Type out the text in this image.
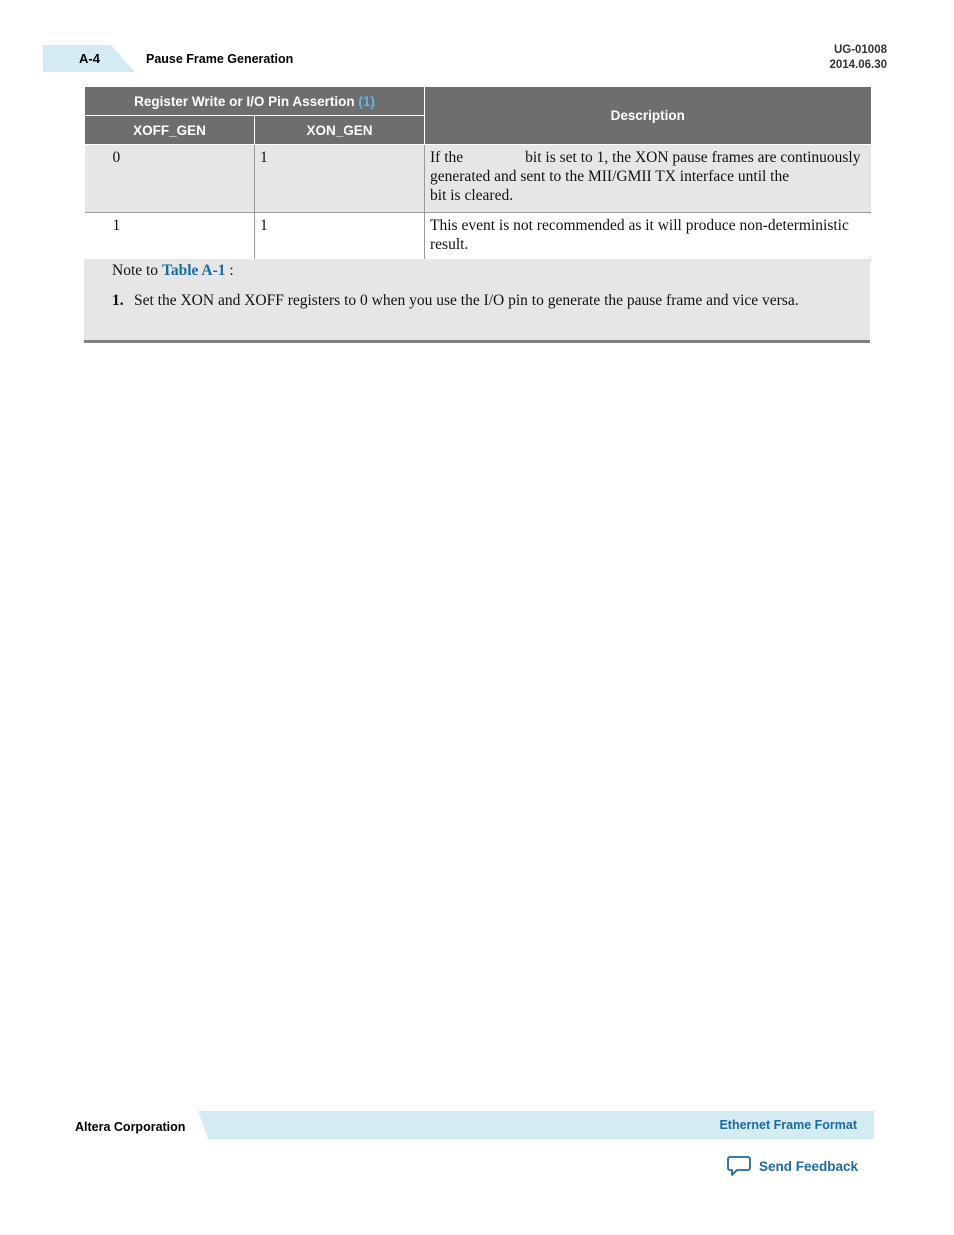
A-4	Pause Frame Generation
UG-01008
2014.06.30
Register Write or I/O Pin Assertion (1)		Description
XOFF_GEN	XON_GEN	
0	1	If the bit is set to 1, the XON pause frames are continuously generated and sent to the MII/GMII TX interface until thebit is cleared.
1	1	This event is not recommended as it will produce non-deterministic result.
Note to Table A-1 :
1. Set the XON and XOFF registers to 0 when you use the I/O pin to generate the pause frame and vice versa.
Altera Corporation	Ethernet Frame Format
Send Feedback
